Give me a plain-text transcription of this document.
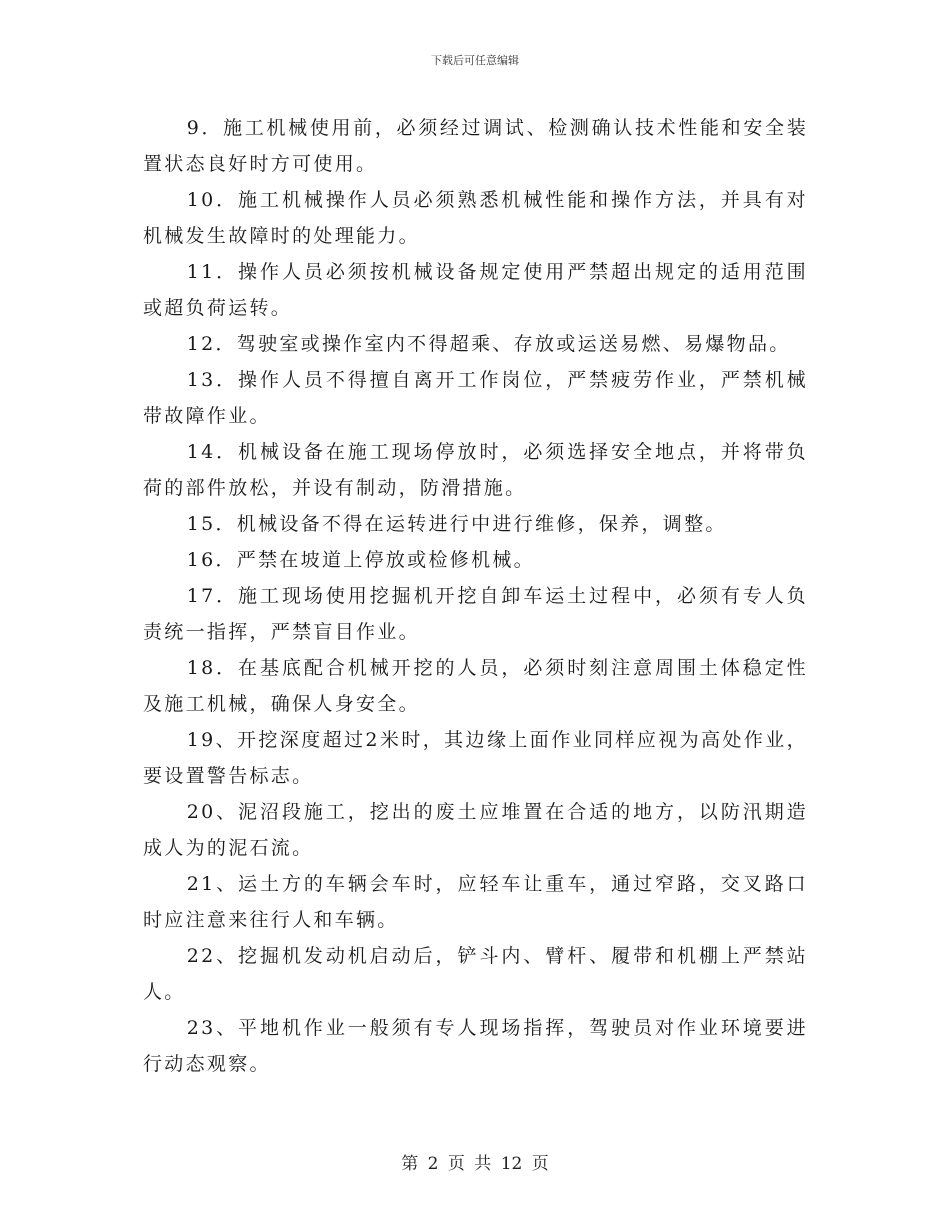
下载后可任意编辑

9．施工机械使用前，必须经过调试、检测确认技术性能和安全装置状态良好时方可使用。

10．施工机械操作人员必须熟悉机械性能和操作方法，并具有对机械发生故障时的处理能力。

11．操作人员必须按机械设备规定使用严禁超出规定的适用范围或超负荷运转。

12．驾驶室或操作室内不得超乘、存放或运送易燃、易爆物品。

13．操作人员不得擅自离开工作岗位，严禁疲劳作业，严禁机械带故障作业。

14．机械设备在施工现场停放时，必须选择安全地点，并将带负荷的部件放松，并设有制动，防滑措施。

15．机械设备不得在运转进行中进行维修，保养，调整。

16．严禁在坡道上停放或检修机械。

17．施工现场使用挖掘机开挖自卸车运土过程中，必须有专人负责统一指挥，严禁盲目作业。

18．在基底配合机械开挖的人员，必须时刻注意周围土体稳定性及施工机械，确保人身安全。

19、开挖深度超过2米时，其边缘上面作业同样应视为高处作业，要设置警告标志。

20、泥沼段施工，挖出的废土应堆置在合适的地方，以防汛期造成人为的泥石流。

21、运土方的车辆会车时，应轻车让重车，通过窄路，交叉路口时应注意来往行人和车辆。

22、挖掘机发动机启动后，铲斗内、臂杆、履带和机棚上严禁站人。

23、平地机作业一般须有专人现场指挥，驾驶员对作业环境要进行动态观察。

第 2 页 共 12 页
